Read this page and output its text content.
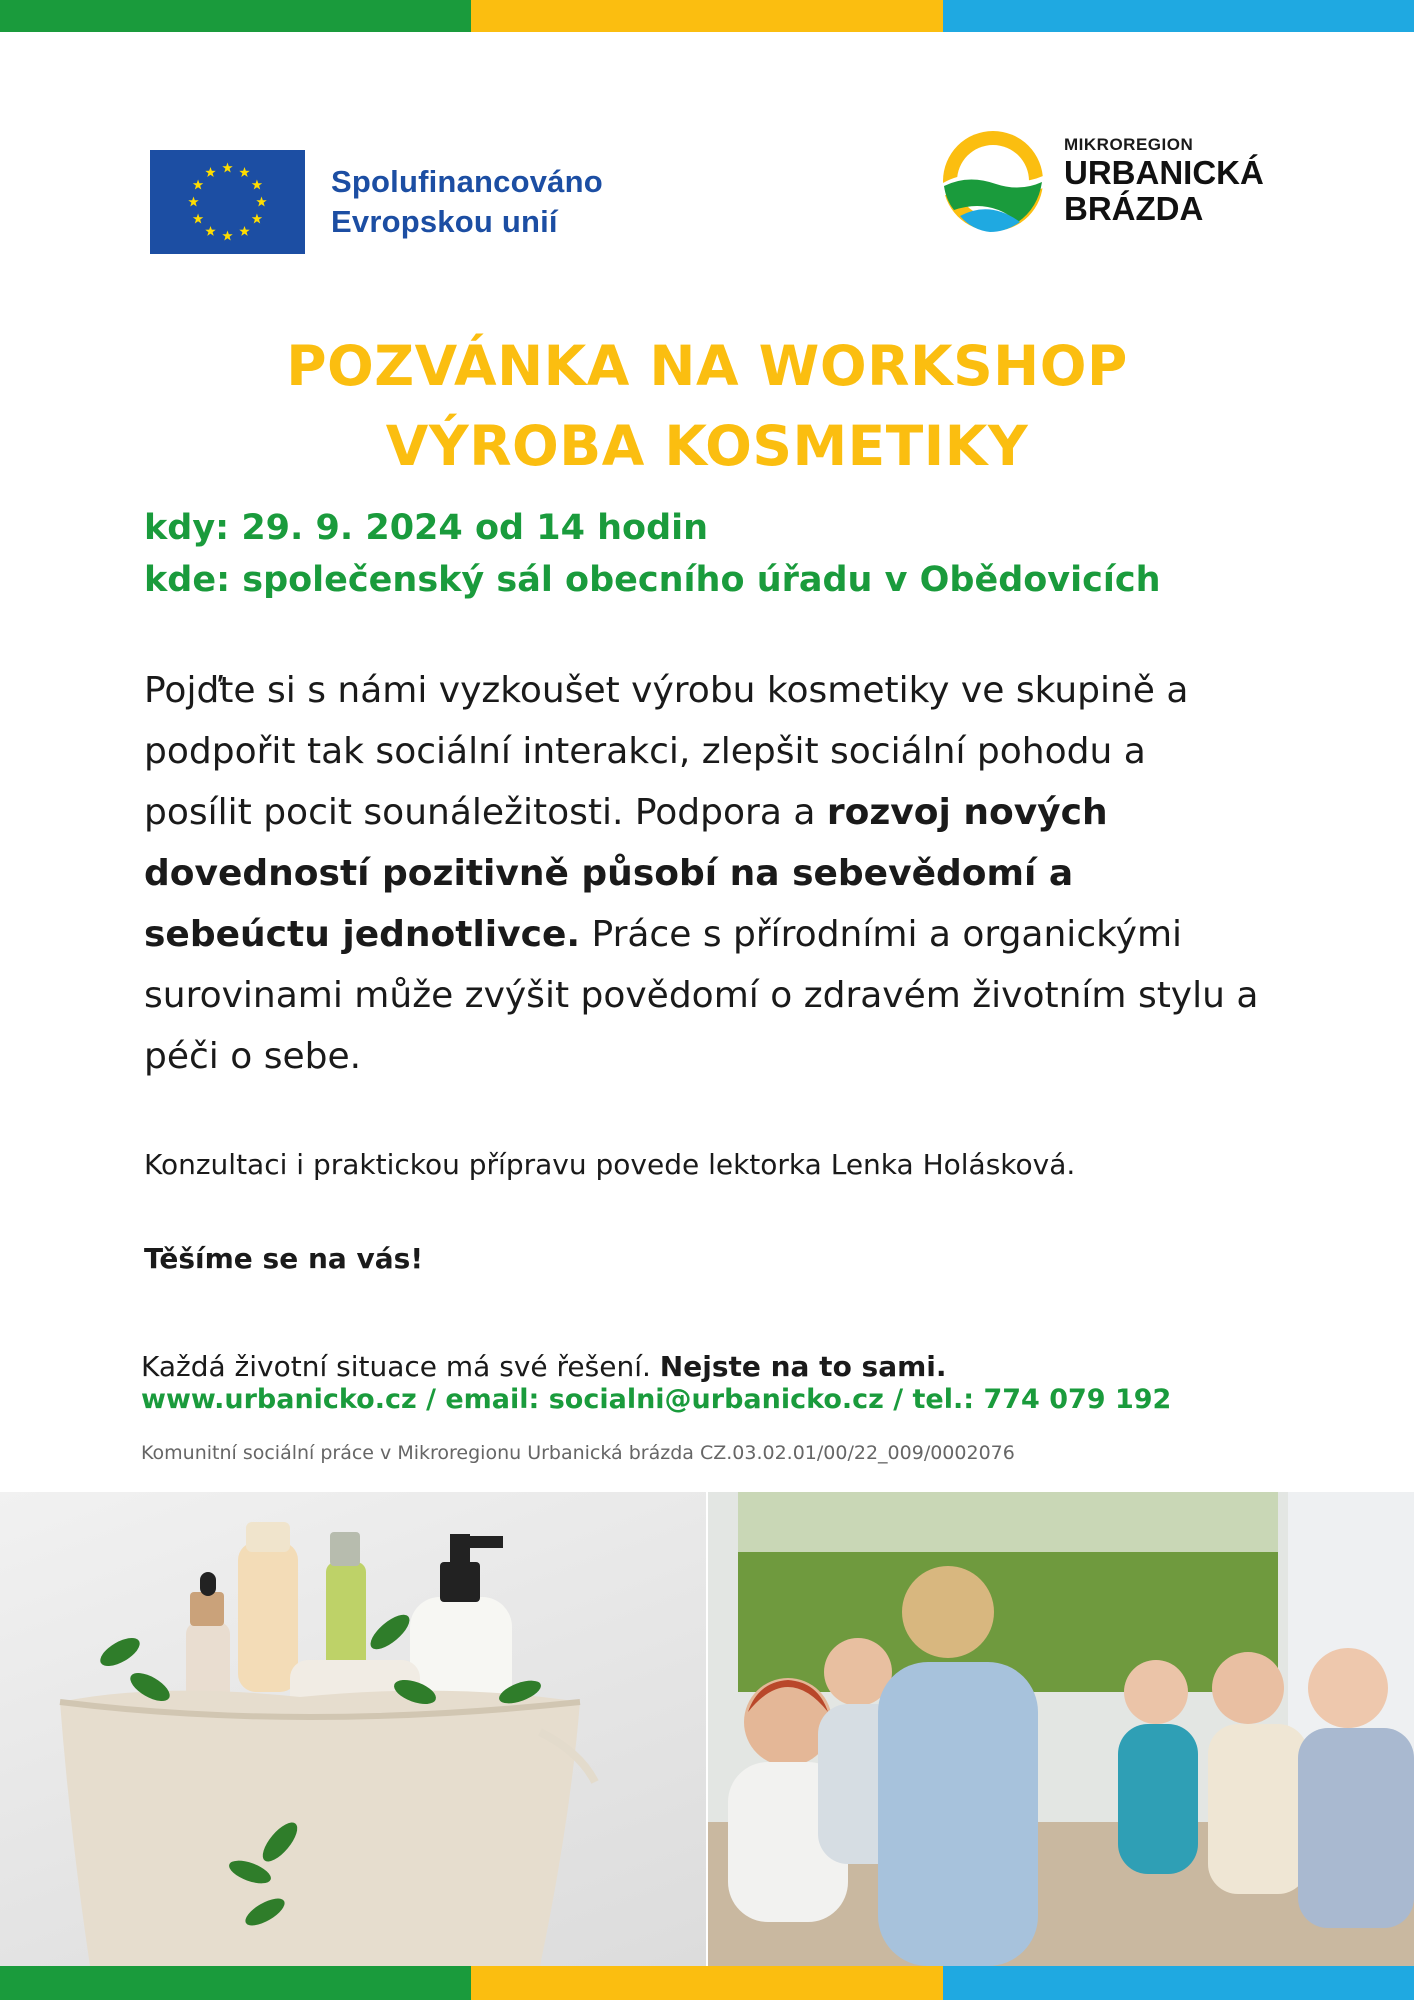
Spolufinancováno
Evropskou unií
MIKROREGION
URBANICKÁ
BRÁZDA
POZVÁNKA NA WORKSHOP
VÝROBA KOSMETIKY
kdy: 29. 9. 2024 od 14 hodin
kde: společenský sál obecního úřadu v Obědovicích
Pojďte si s námi vyzkoušet výrobu kosmetiky ve skupině a podpořit tak sociální interakci, zlepšit sociální pohodu a posílit pocit sounáležitosti. Podpora a rozvoj nových dovedností pozitivně působí na sebevědomí a sebeúctu jednotlivce. Práce s přírodními a organickými surovinami může zvýšit povědomí o zdravém životním stylu a péči o sebe.
Konzultaci i praktickou přípravu povede lektorka Lenka Holásková.
Těšíme se na vás!
Každá životní situace má své řešení. Nejste na to sami.
www.urbanicko.cz / email: socialni@urbanicko.cz / tel.: 774 079 192
Komunitní sociální práce v Mikroregionu Urbanická brázda CZ.03.02.01/00/22_009/0002076
